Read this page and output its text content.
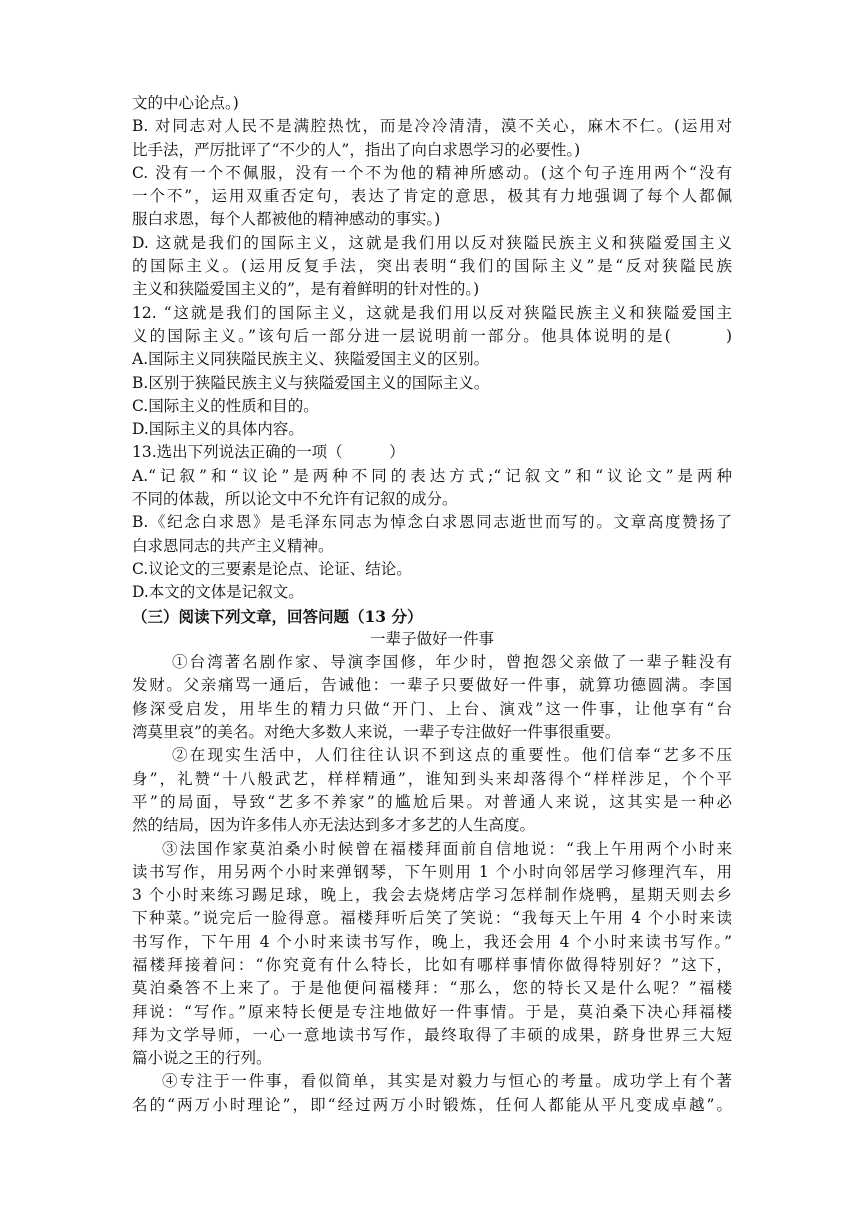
文的中心论点。)
B. 对同志对人民不是满腔热忱，而是冷冷清清，漠不关心，麻木不仁。(运用对
比手法，严厉批评了“不少的人”，指出了向白求恩学习的必要性。)
C. 没有一个不佩服，没有一个不为他的精神所感动。(这个句子连用两个“没有
一个不”，运用双重否定句，表达了肯定的意思，极其有力地强调了每个人都佩
服白求恩，每个人都被他的精神感动的事实。)
D. 这就是我们的国际主义，这就是我们用以反对狭隘民族主义和狭隘爱国主义
的国际主义。(运用反复手法，突出表明“我们的国际主义”是“反对狭隘民族
主义和狭隘爱国主义的”，是有着鲜明的针对性的。)
12. “这就是我们的国际主义，这就是我们用以反对狭隘民族主义和狭隘爱国主
义的国际主义。”该句后一部分进一层说明前一部分。他具体说明的是(　　　)
A.国际主义同狭隘民族主义、狭隘爱国主义的区别。
B.区别于狭隘民族主义与狭隘爱国主义的国际主义。
C.国际主义的性质和目的。
D.国际主义的具体内容。
13.选出下列说法正确的一项（　　　）
A.“记叙”和“议论”是两种不同的表达方式;“记叙文”和“议论文”是两种
不同的体裁，所以论文中不允许有记叙的成分。
B.《纪念白求恩》是毛泽东同志为悼念白求恩同志逝世而写的。文章高度赞扬了
白求恩同志的共产主义精神。
C.议论文的三要素是论点、论证、结论。
D.本文的文体是记叙文。
（三）阅读下列文章，回答问题（13 分）
一辈子做好一件事
①台湾著名剧作家、导演李国修，年少时，曾抱怨父亲做了一辈子鞋没有
发财。父亲痛骂一通后，告诫他：一辈子只要做好一件事，就算功德圆满。李国
修深受启发，用毕生的精力只做“开门、上台、演戏”这一件事，让他享有“台
湾莫里哀”的美名。对绝大多数人来说，一辈子专注做好一件事很重要。
②在现实生活中，人们往往认识不到这点的重要性。他们信奉“艺多不压
身”，礼赞“十八般武艺，样样精通”，谁知到头来却落得个“样样涉足，个个平
平”的局面，导致“艺多不养家”的尴尬后果。对普通人来说，这其实是一种必
然的结局，因为许多伟人亦无法达到多才多艺的人生高度。
③法国作家莫泊桑小时候曾在福楼拜面前自信地说：“我上午用两个小时来
读书写作，用另两个小时来弹钢琴，下午则用 1 个小时向邻居学习修理汽车，用
3 个小时来练习踢足球，晚上，我会去烧烤店学习怎样制作烧鸭，星期天则去乡
下种菜。”说完后一脸得意。福楼拜听后笑了笑说：“我每天上午用 4 个小时来读
书写作，下午用 4 个小时来读书写作，晚上，我还会用 4 个小时来读书写作。”
福楼拜接着问：“你究竟有什么特长，比如有哪样事情你做得特别好？”这下，
莫泊桑答不上来了。于是他便问福楼拜：“那么，您的特长又是什么呢？”福楼
拜说：“写作。”原来特长便是专注地做好一件事情。于是，莫泊桑下决心拜福楼
拜为文学导师，一心一意地读书写作，最终取得了丰硕的成果，跻身世界三大短
篇小说之王的行列。
④专注于一件事，看似简单，其实是对毅力与恒心的考量。成功学上有个著
名的“两万小时理论”，即“经过两万小时锻炼，任何人都能从平凡变成卓越”。
